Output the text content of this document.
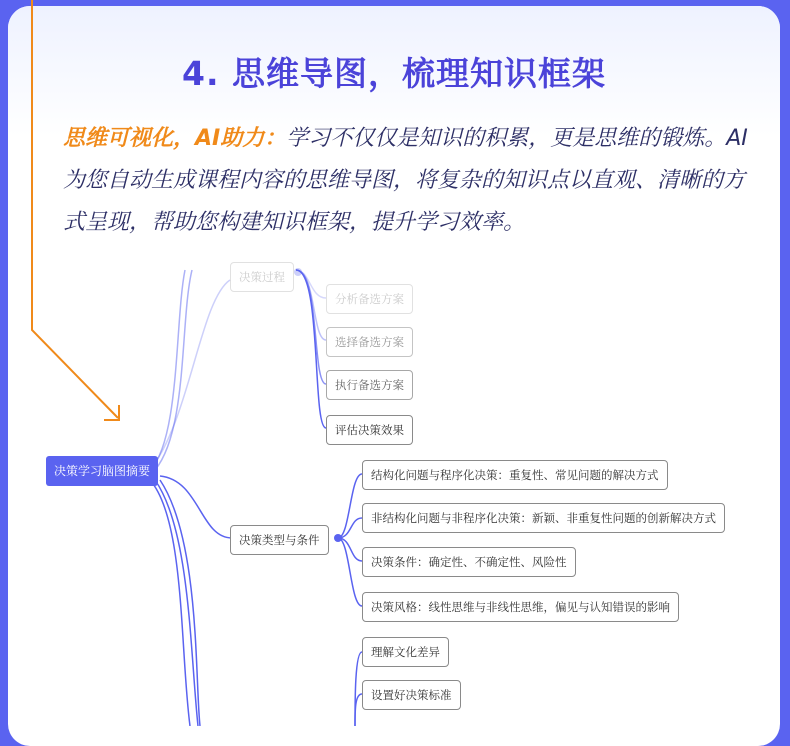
4. 思维导图，梳理知识框架
思维可视化，AI助力：学习不仅仅是知识的积累，更是思维的锻炼。AI为您自动生成课程内容的思维导图，将复杂的知识点以直观、清晰的方式呈现，帮助您构建知识框架，提升学习效率。
决策学习脑图摘要
决策过程
分析备选方案
选择备选方案
执行备选方案
评估决策效果
决策类型与条件
结构化问题与程序化决策：重复性、常见问题的解决方式
非结构化问题与非程序化决策：新颖、非重复性问题的创新解决方式
决策条件：确定性、不确定性、风险性
决策风格：线性思维与非线性思维，偏见与认知错误的影响
理解文化差异
设置好决策标准
